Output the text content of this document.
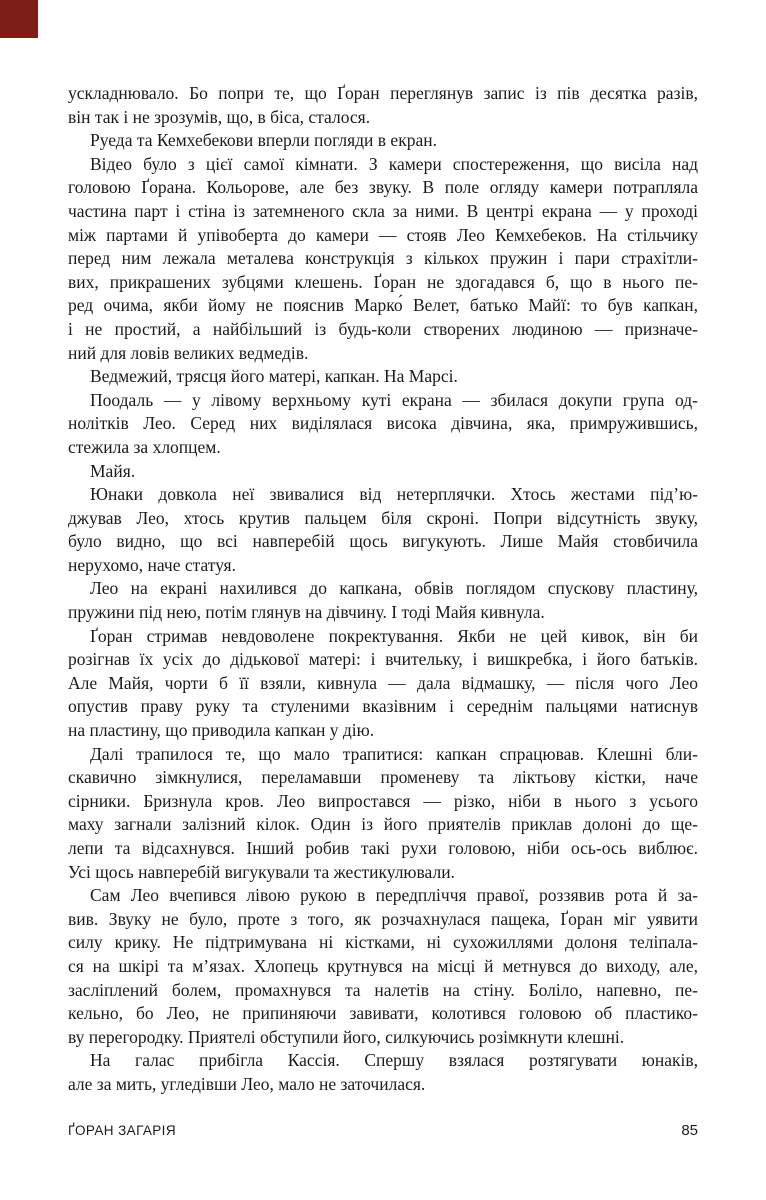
ускладнювало. Бо попри те, що Ґоран переглянув запис із пів десятка разів,
він так і не зрозумів, що, в біса, сталося.
Руеда та Кемхебекови вперли погляди в екран.
Відео було з цієї самої кімнати. З камери спостереження, що висіла над
головою Ґорана. Кольорове, але без звуку. В поле огляду камери потрапляла
частина парт і стіна із затемненого скла за ними. В центрі екрана — у проході
між партами й упівоберта до камери — стояв Лео Кемхебеков. На стільчику
перед ним лежала металева конструкція з кількох пружин і пари страхітли-
вих, прикрашених зубцями клешень. Ґоран не здогадався б, що в нього пе-
ред очима, якби йому не пояснив Марко́ Велет, батько Майї: то був капкан,
і не простий, а найбільший із будь-коли створених людиною — призначе-
ний для ловів великих ведмедів.
Ведмежий, трясця його матері, капкан. На Марсі.
Поодаль — у лівому верхньому куті екрана — збилася докупи група од-
нолітків Лео. Серед них виділялася висока дівчина, яка, примружившись,
стежила за хлопцем.
Майя.
Юнаки довкола неї звивалися від нетерплячки. Хтось жестами під’ю-
джував Лео, хтось крутив пальцем біля скроні. Попри відсутність звуку,
було видно, що всі навперебій щось вигукують. Лише Майя стовбичила
нерухомо, наче статуя.
Лео на екрані нахилився до капкана, обвів поглядом спускову пластину,
пружини під нею, потім глянув на дівчину. І тоді Майя кивнула.
Ґоран стримав невдоволене покректування. Якби не цей кивок, він би
розігнав їх усіх до дідькової матері: і вчительку, і вишкребка, і його батьків.
Але Майя, чорти б її взяли, кивнула — дала відмашку, — після чого Лео
опустив праву руку та стуленими вказівним і середнім пальцями натиснув
на пластину, що приводила капкан у дію.
Далі трапилося те, що мало трапитися: капкан спрацював. Клешні бли-
скавично зімкнулися, переламавши променеву та ліктьову кістки, наче
сірники. Бризнула кров. Лео випростався — різко, ніби в нього з усього
маху загнали залізний кілок. Один із його приятелів приклав долоні до ще-
лепи та відсахнувся. Інший робив такі рухи головою, ніби ось-ось виблює.
Усі щось навперебій вигукували та жестикулювали.
Сам Лео вчепився лівою рукою в передпліччя правої, роззявив рота й за-
вив. Звуку не було, проте з того, як розчахнулася пащека, Ґоран міг уявити
силу крику. Не підтримувана ні кістками, ні сухожиллями долоня теліпала-
ся на шкірі та м’язах. Хлопець крутнувся на місці й метнувся до виходу, але,
засліплений болем, промахнувся та налетів на стіну. Боліло, напевно, пе-
кельно, бо Лео, не припиняючи завивати, колотився головою об пластико-
ву перегородку. Приятелі обступили його, силкуючись розімкнути клешні.
На галас прибігла Кассія. Спершу взялася розтягувати юнаків,
але за мить, угледівши Лео, мало не заточилася.
ҐОРАН ЗАГАРІЯ	85
